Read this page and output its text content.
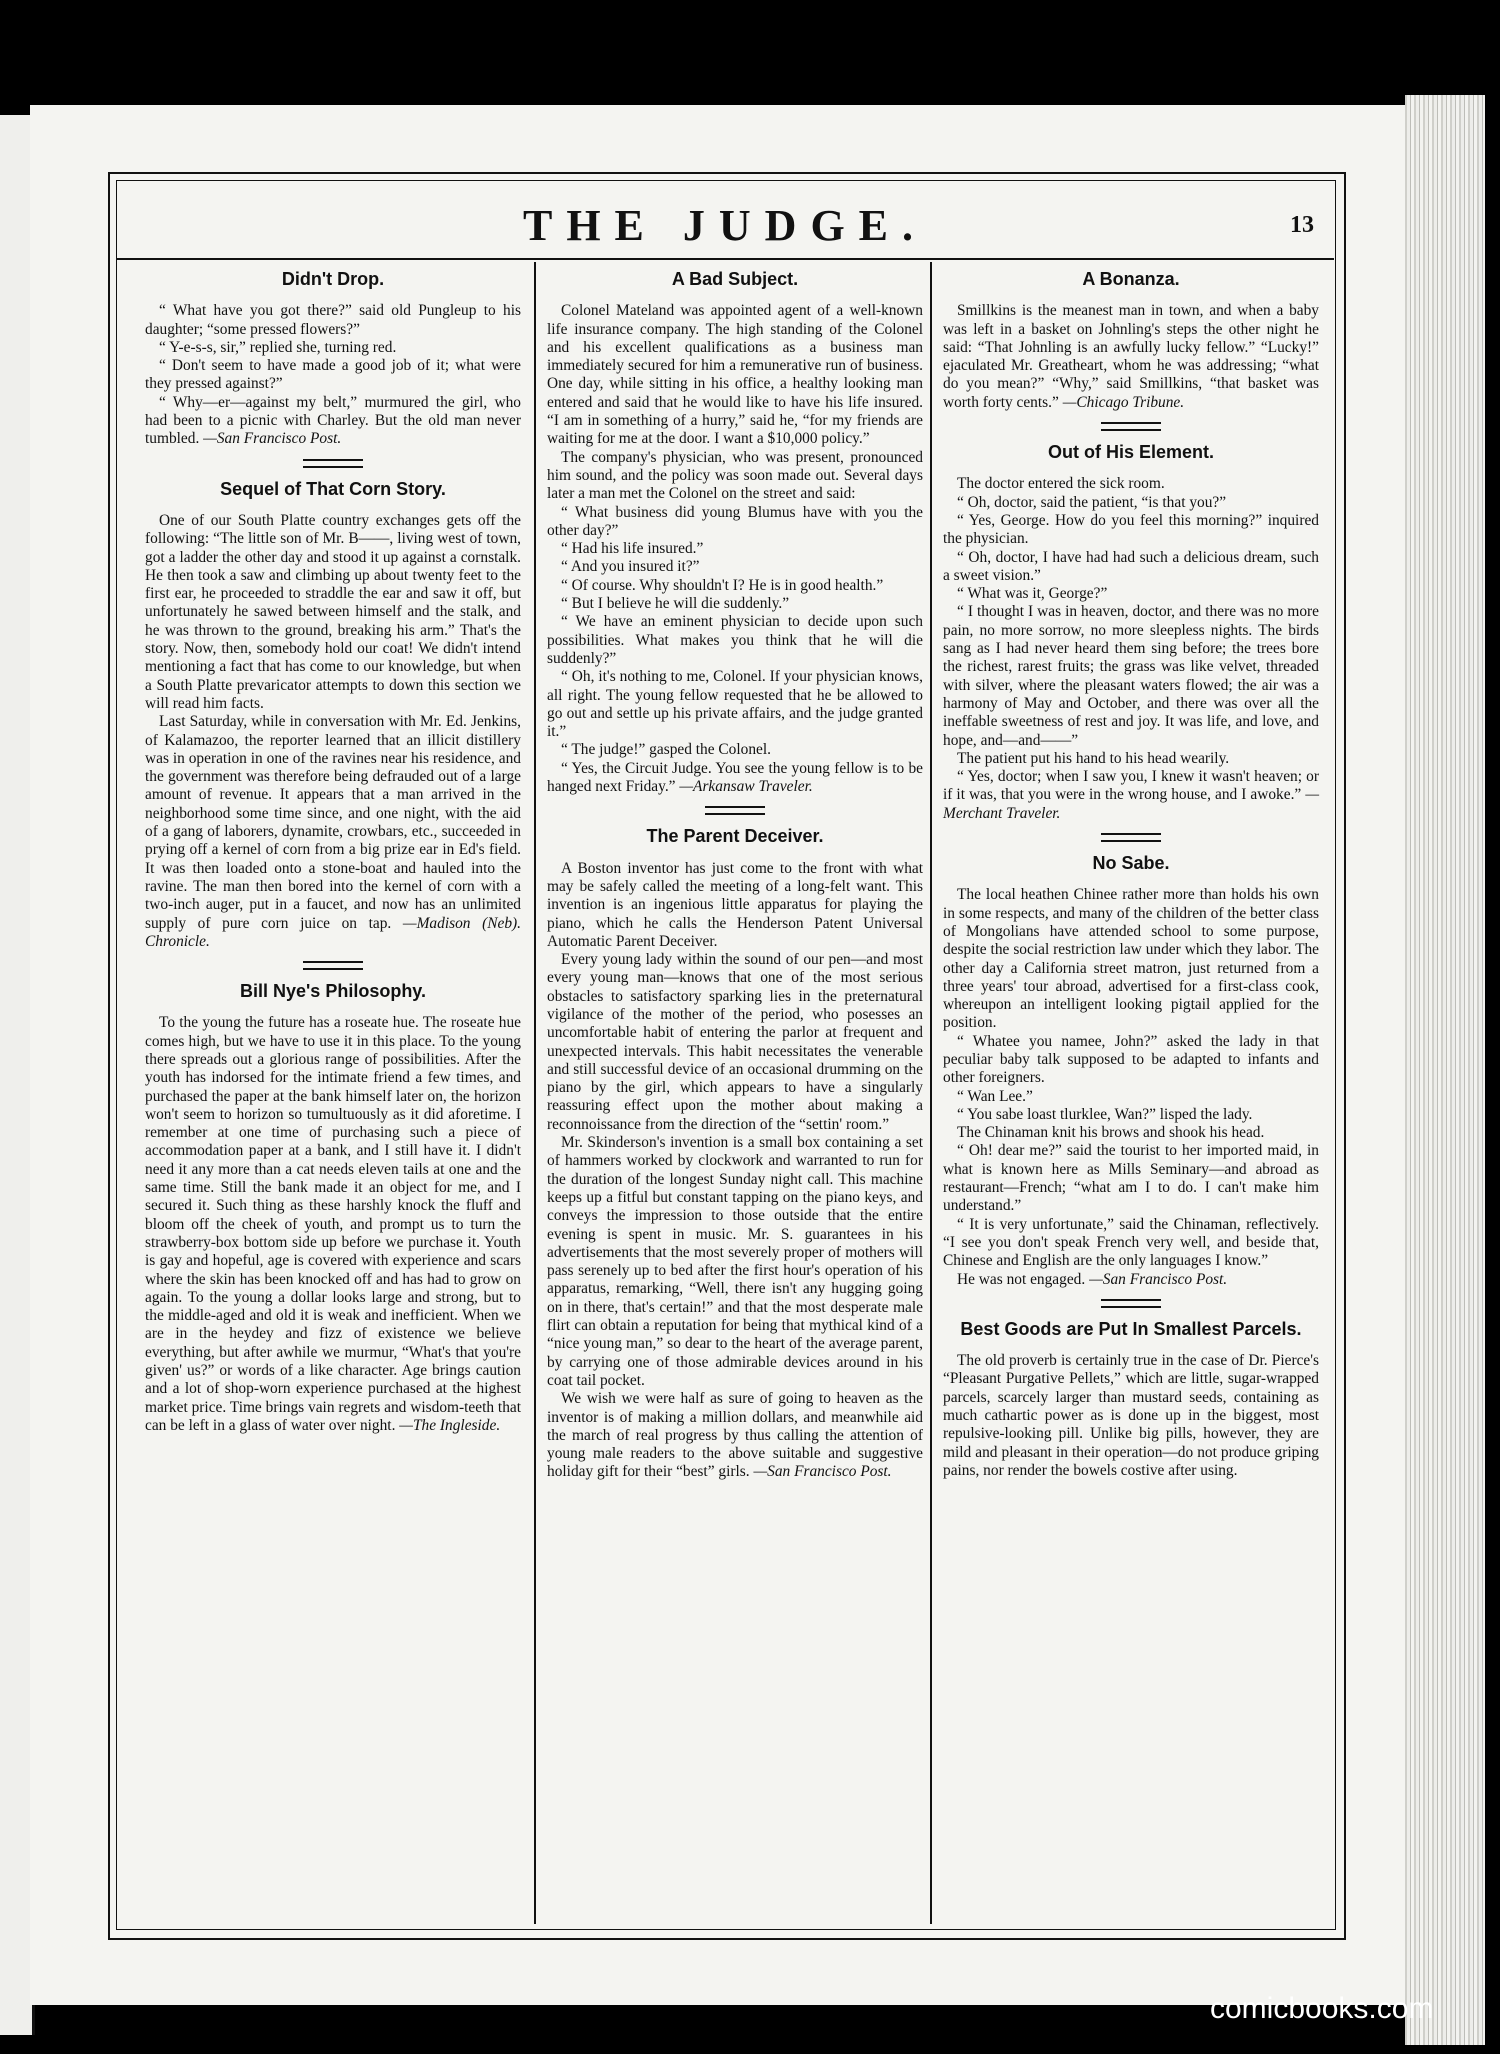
THE JUDGE.	13
Didn't Drop.

“ What have you got there?” said old Pungleup to his daughter; “some pressed flowers?”

“ Y-e-s-s, sir,” replied she, turning red.

“ Don't seem to have made a good job of it; what were they pressed against?”

“ Why—er—against my belt,” murmured the girl, who had been to a picnic with Charley. But the old man never tumbled. —San Francisco Post.

Sequel of That Corn Story.

One of our South Platte country exchanges gets off the following: “The little son of Mr. B——, living west of town, got a ladder the other day and stood it up against a cornstalk. He then took a saw and climbing up about twenty feet to the first ear, he proceeded to straddle the ear and saw it off, but unfortunately he sawed between himself and the stalk, and he was thrown to the ground, breaking his arm.” That's the story. Now, then, somebody hold our coat! We didn't intend mentioning a fact that has come to our knowledge, but when a South Platte prevaricator attempts to down this section we will read him facts.

Last Saturday, while in conversation with Mr. Ed. Jenkins, of Kalamazoo, the reporter learned that an illicit distillery was in operation in one of the ravines near his residence, and the government was therefore being defrauded out of a large amount of revenue. It appears that a man arrived in the neighborhood some time since, and one night, with the aid of a gang of laborers, dynamite, crowbars, etc., succeeded in prying off a kernel of corn from a big prize ear in Ed's field. It was then loaded onto a stone-boat and hauled into the ravine. The man then bored into the kernel of corn with a two-inch auger, put in a faucet, and now has an unlimited supply of pure corn juice on tap. —Madison (Neb). Chronicle.

Bill Nye's Philosophy.

To the young the future has a roseate hue. The roseate hue comes high, but we have to use it in this place. To the young there spreads out a glorious range of possibilities. After the youth has indorsed for the intimate friend a few times, and purchased the paper at the bank himself later on, the horizon won't seem to horizon so tumultuously as it did aforetime. I remember at one time of purchasing such a piece of accommodation paper at a bank, and I still have it. I didn't need it any more than a cat needs eleven tails at one and the same time. Still the bank made it an object for me, and I secured it. Such thing as these harshly knock the fluff and bloom off the cheek of youth, and prompt us to turn the strawberry-box bottom side up before we purchase it. Youth is gay and hopeful, age is covered with experience and scars where the skin has been knocked off and has had to grow on again. To the young a dollar looks large and strong, but to the middle-aged and old it is weak and inefficient. When we are in the heydey and fizz of existence we believe everything, but after awhile we murmur, “What's that you're given' us?” or words of a like character. Age brings caution and a lot of shop-worn experience purchased at the highest market price. Time brings vain regrets and wisdom-teeth that can be left in a glass of water over night. —The Ingleside.

A Bad Subject.

Colonel Mateland was appointed agent of a well-known life insurance company. The high standing of the Colonel and his excellent qualifications as a business man immediately secured for him a remunerative run of business. One day, while sitting in his office, a healthy looking man entered and said that he would like to have his life insured. “I am in something of a hurry,” said he, “for my friends are waiting for me at the door. I want a $10,000 policy.”

The company's physician, who was present, pronounced him sound, and the policy was soon made out. Several days later a man met the Colonel on the street and said:

“ What business did young Blumus have with you the other day?”

“ Had his life insured.”

“ And you insured it?”

“ Of course. Why shouldn't I? He is in good health.”

“ But I believe he will die suddenly.”

“ We have an eminent physician to decide upon such possibilities. What makes you think that he will die suddenly?”

“ Oh, it's nothing to me, Colonel. If your physician knows, all right. The young fellow requested that he be allowed to go out and settle up his private affairs, and the judge granted it.”

“ The judge!” gasped the Colonel.

“ Yes, the Circuit Judge. You see the young fellow is to be hanged next Friday.” —Arkansaw Traveler.

The Parent Deceiver.

A Boston inventor has just come to the front with what may be safely called the meeting of a long-felt want. This invention is an ingenious little apparatus for playing the piano, which he calls the Henderson Patent Universal Automatic Parent Deceiver.

Every young lady within the sound of our pen—and most every young man—knows that one of the most serious obstacles to satisfactory sparking lies in the preternatural vigilance of the mother of the period, who posesses an uncomfortable habit of entering the parlor at frequent and unexpected intervals. This habit necessitates the venerable and still successful device of an occasional drumming on the piano by the girl, which appears to have a singularly reassuring effect upon the mother about making a reconnoissance from the direction of the “settin' room.”

Mr. Skinderson's invention is a small box containing a set of hammers worked by clockwork and warranted to run for the duration of the longest Sunday night call. This machine keeps up a fitful but constant tapping on the piano keys, and conveys the impression to those outside that the entire evening is spent in music. Mr. S. guarantees in his advertisements that the most severely proper of mothers will pass serenely up to bed after the first hour's operation of his apparatus, remarking, “Well, there isn't any hugging going on in there, that's certain!” and that the most desperate male flirt can obtain a reputation for being that mythical kind of a “nice young man,” so dear to the heart of the average parent, by carrying one of those admirable devices around in his coat tail pocket.

We wish we were half as sure of going to heaven as the inventor is of making a million dollars, and meanwhile aid the march of real progress by thus calling the attention of young male readers to the above suitable and suggestive holiday gift for their “best” girls. —San Francisco Post.

A Bonanza.

Smillkins is the meanest man in town, and when a baby was left in a basket on Johnling's steps the other night he said: “That Johnling is an awfully lucky fellow.” “Lucky!” ejaculated Mr. Greatheart, whom he was addressing; “what do you mean?” “Why,” said Smillkins, “that basket was worth forty cents.” —Chicago Tribune.

Out of His Element.

The doctor entered the sick room.

“ Oh, doctor, said the patient, “is that you?”

“ Yes, George. How do you feel this morning?” inquired the physician.

“ Oh, doctor, I have had had such a delicious dream, such a sweet vision.”

“ What was it, George?”

“ I thought I was in heaven, doctor, and there was no more pain, no more sorrow, no more sleepless nights. The birds sang as I had never heard them sing before; the trees bore the richest, rarest fruits; the grass was like velvet, threaded with silver, where the pleasant waters flowed; the air was a harmony of May and October, and there was over all the ineffable sweetness of rest and joy. It was life, and love, and hope, and—and——”

The patient put his hand to his head wearily.

“ Yes, doctor; when I saw you, I knew it wasn't heaven; or if it was, that you were in the wrong house, and I awoke.” —Merchant Traveler.

No Sabe.

The local heathen Chinee rather more than holds his own in some respects, and many of the children of the better class of Mongolians have attended school to some purpose, despite the social restriction law under which they labor. The other day a California street matron, just returned from a three years' tour abroad, advertised for a first-class cook, whereupon an intelligent looking pigtail applied for the position.

“ Whatee you namee, John?” asked the lady in that peculiar baby talk supposed to be adapted to infants and other foreigners.

“ Wan Lee.”

“ You sabe loast tlurklee, Wan?” lisped the lady.

The Chinaman knit his brows and shook his head.

“ Oh! dear me?” said the tourist to her imported maid, in what is known here as Mills Seminary—and abroad as restaurant—French; “what am I to do. I can't make him understand.”

“ It is very unfortunate,” said the Chinaman, reflectively. “I see you don't speak French very well, and beside that, Chinese and English are the only languages I know.”

He was not engaged. —San Francisco Post.

Best Goods are Put In Smallest Parcels.

The old proverb is certainly true in the case of Dr. Pierce's “Pleasant Purgative Pellets,” which are little, sugar-wrapped parcels, scarcely larger than mustard seeds, containing as much cathartic power as is done up in the biggest, most repulsive-looking pill. Unlike big pills, however, they are mild and pleasant in their operation—do not produce griping pains, nor render the bowels costive after using.

comicbooks.com
